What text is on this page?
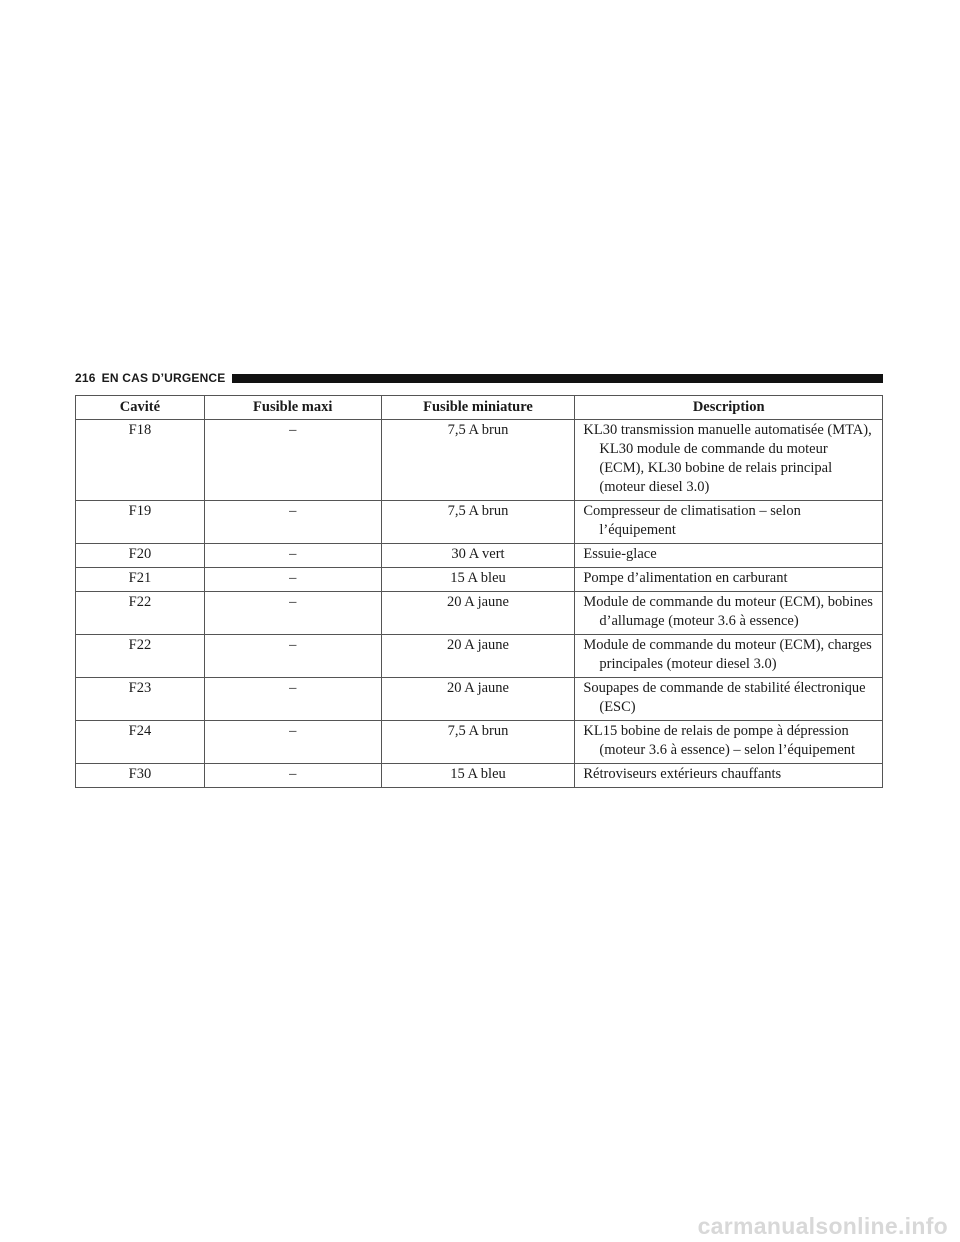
216 EN CAS D’URGENCE
Cavité	Fusible maxi	Fusible miniature	Description
F18	–	7,5 A brun	KL30 transmission manuelle automatisée (MTA), KL30 module de commande du moteur (ECM), KL30 bobine de relais principal (moteur diesel 3.0)

F19	–	7,5 A brun	Compresseur de climatisation – selon l’équipement

F20	–	30 A vert	Essuie-glace

F21	–	15 A bleu	Pompe d’alimentation en carburant

F22	–	20 A jaune	Module de commande du moteur (ECM), bobines d’allumage (moteur 3.6 à essence)

F22	–	20 A jaune	Module de commande du moteur (ECM), charges principales (moteur diesel 3.0)

F23	–	20 A jaune	Soupapes de commande de stabilité électronique (ESC)

F24	–	7,5 A brun	KL15 bobine de relais de pompe à dépression (moteur 3.6 à essence) – selon l’équipement

F30	–	15 A bleu	Rétroviseurs extérieurs chauffants
carmanualsonline.info
